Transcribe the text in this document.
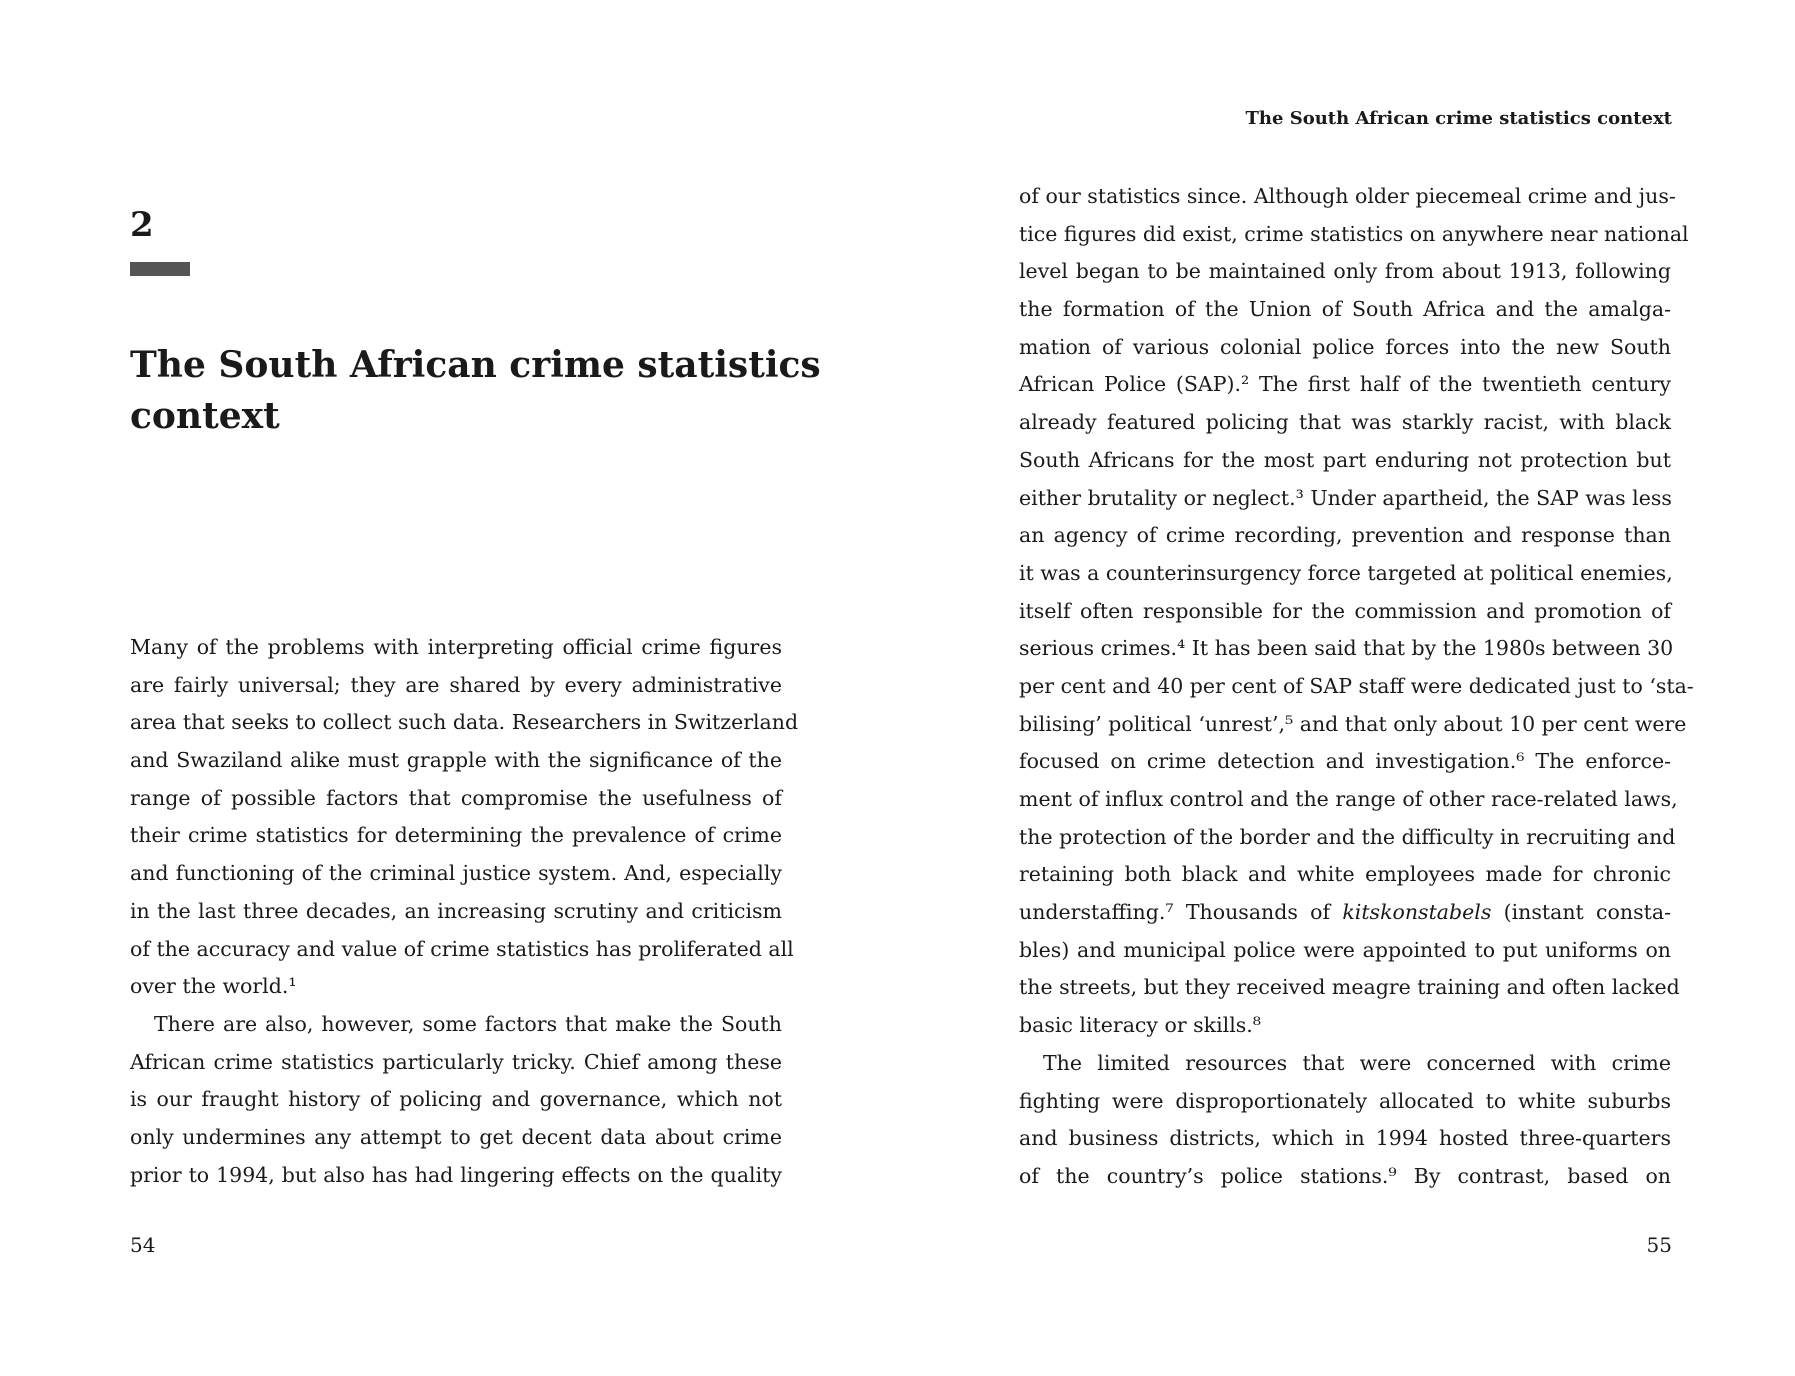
2
The South African crime statistics context
Many of the problems with interpreting official crime figures
are fairly universal; they are shared by every administrative
area that seeks to collect such data. Researchers in Switzerland
and Swaziland alike must grapple with the significance of the
range of possible factors that compromise the usefulness of
their crime statistics for determining the prevalence of crime
and functioning of the criminal justice system. And, especially
in the last three decades, an increasing scrutiny and criticism
of the accuracy and value of crime statistics has proliferated all
over the world.¹
There are also, however, some factors that make the South
African crime statistics particularly tricky. Chief among these
is our fraught history of policing and governance, which not
only undermines any attempt to get decent data about crime
prior to 1994, but also has had lingering effects on the quality
54
The South African crime statistics context
of our statistics since. Although older piecemeal crime and jus-
tice figures did exist, crime statistics on anywhere near national
level began to be maintained only from about 1913, following
the formation of the Union of South Africa and the amalga-
mation of various colonial police forces into the new South
African Police (SAP).² The first half of the twentieth century
already featured policing that was starkly racist, with black
South Africans for the most part enduring not protection but
either brutality or neglect.³ Under apartheid, the SAP was less
an agency of crime recording, prevention and response than
it was a counterinsurgency force targeted at political enemies,
itself often responsible for the commission and promotion of
serious crimes.⁴ It has been said that by the 1980s between 30
per cent and 40 per cent of SAP staff were dedicated just to ‘sta-
bilising’ political ‘unrest’,⁵ and that only about 10 per cent were
focused on crime detection and investigation.⁶ The enforce-
ment of influx control and the range of other race-related laws,
the protection of the border and the difficulty in recruiting and
retaining both black and white employees made for chronic
understaffing.⁷ Thousands of kitskonstabels (instant consta-
bles) and municipal police were appointed to put uniforms on
the streets, but they received meagre training and often lacked
basic literacy or skills.⁸
The limited resources that were concerned with crime
fighting were disproportionately allocated to white suburbs
and business districts, which in 1994 hosted three-quarters
of the country’s police stations.⁹ By contrast, based on
55
